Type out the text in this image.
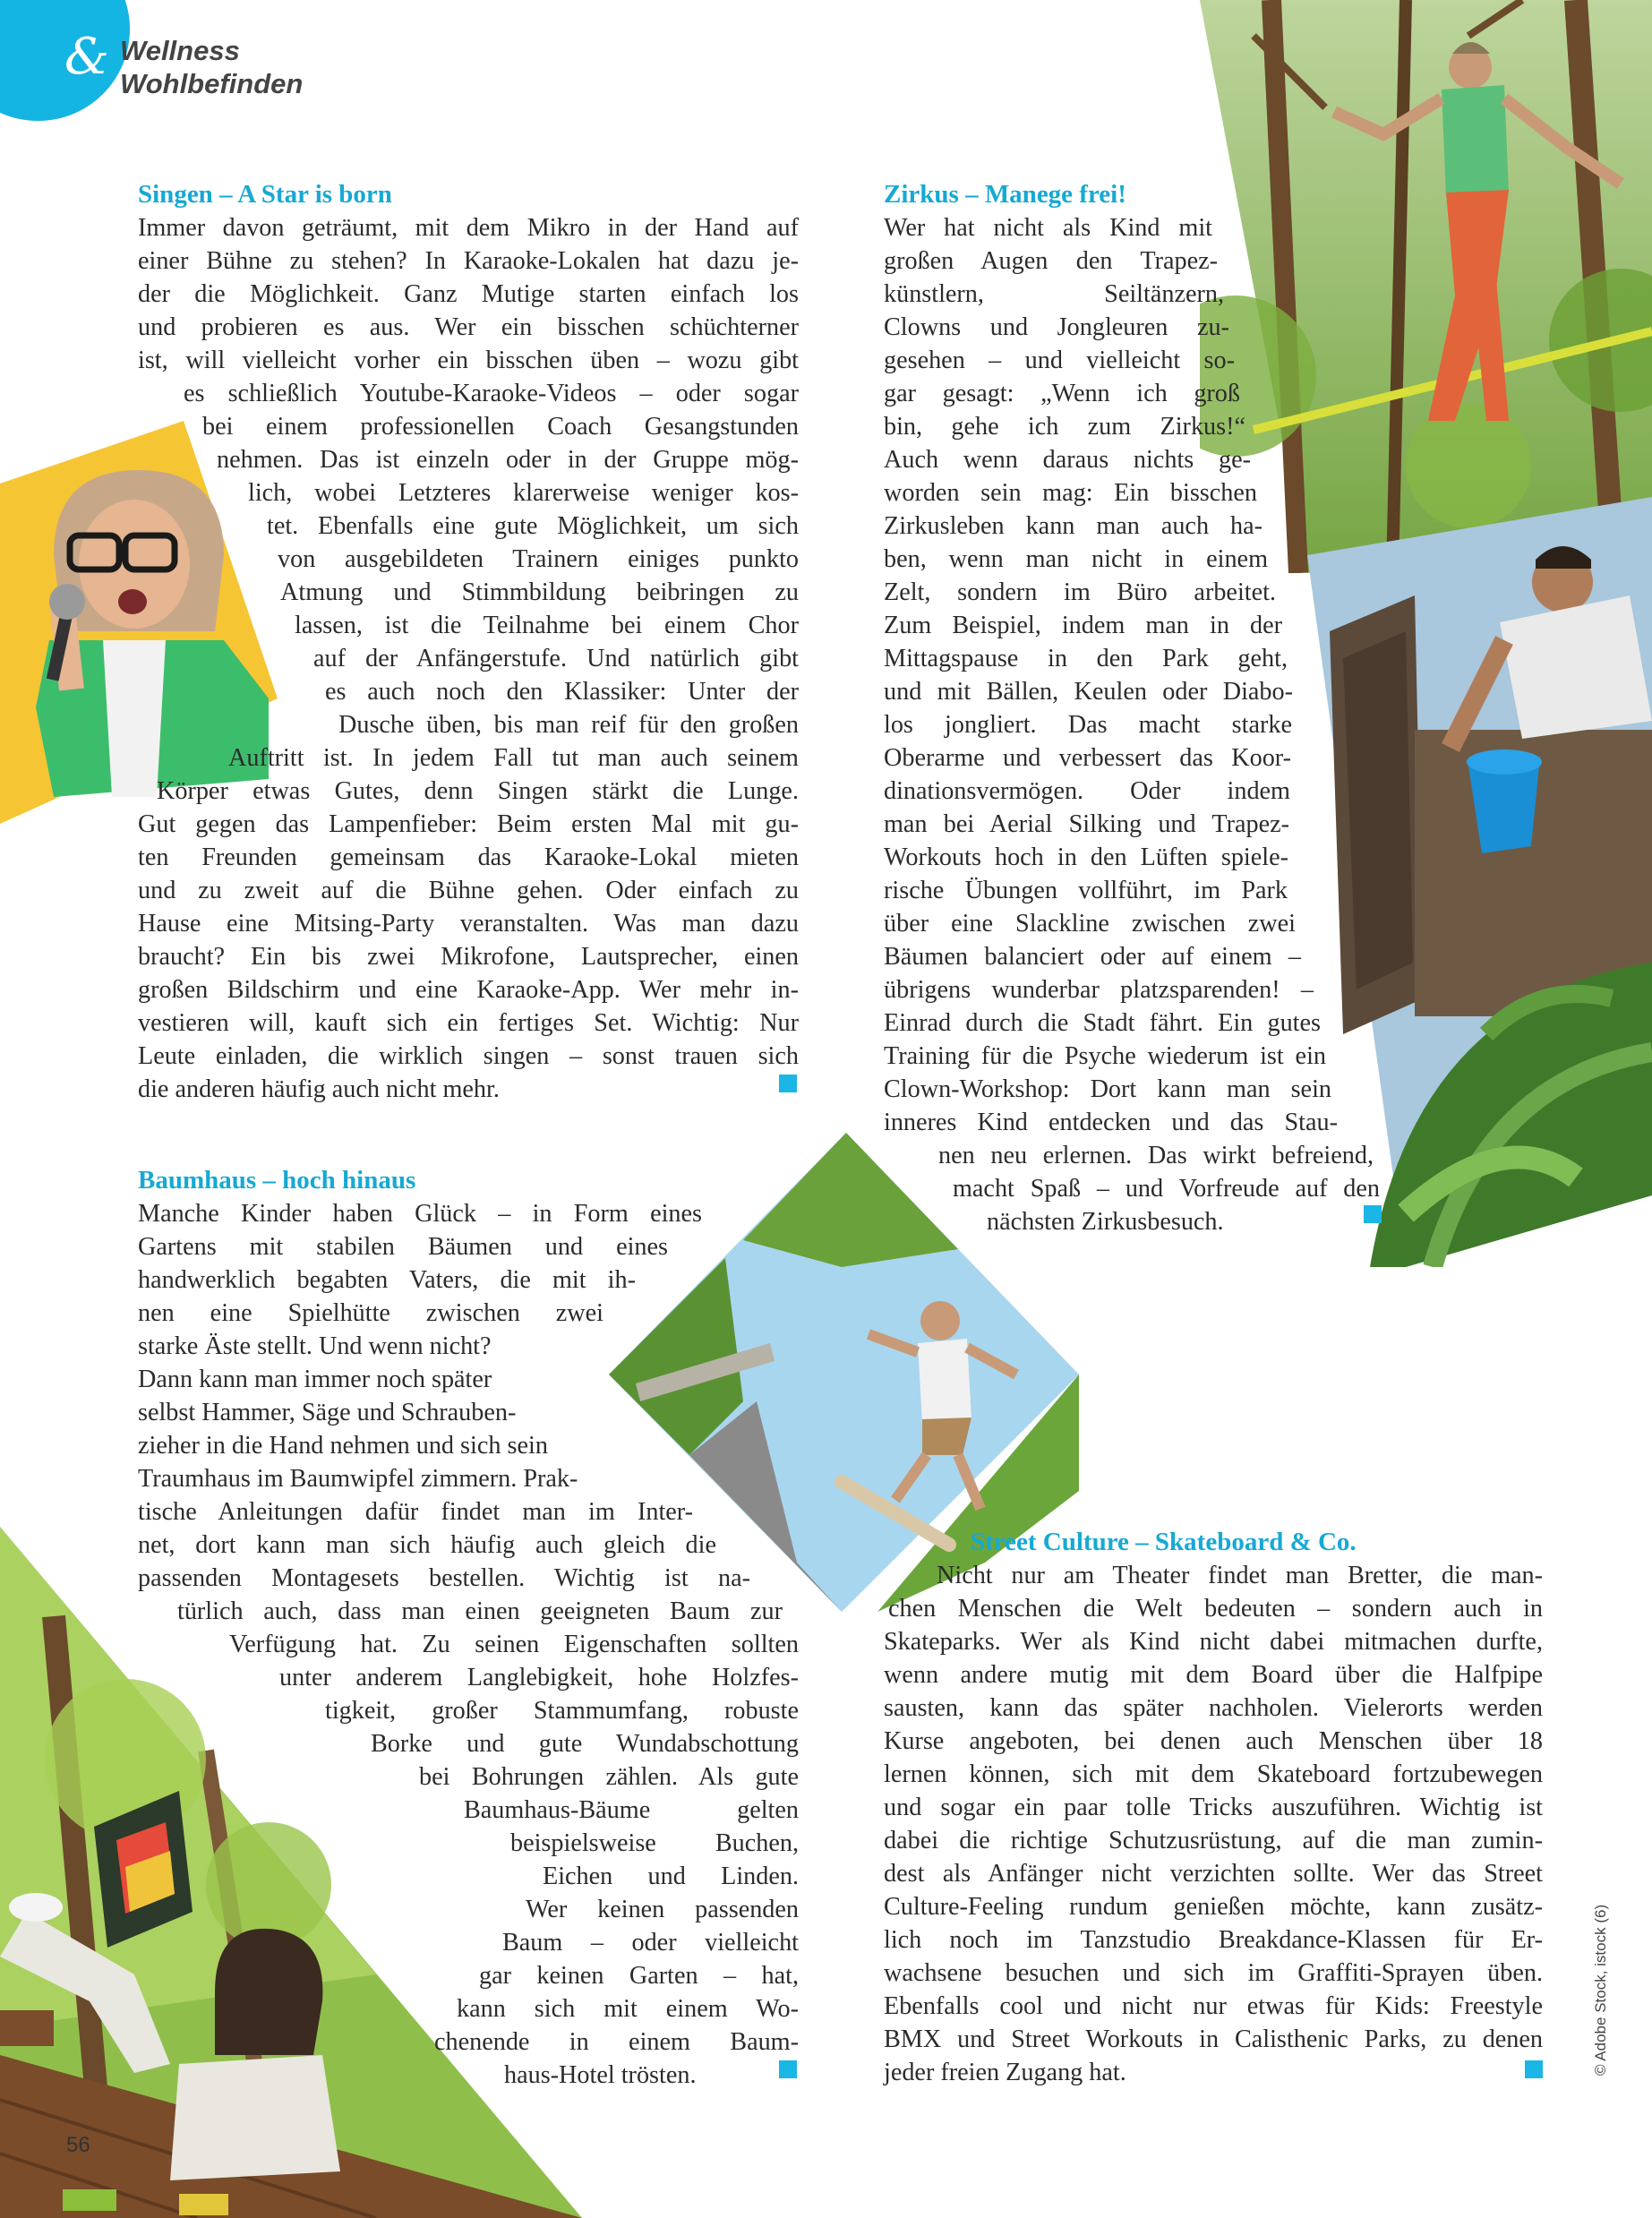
& Wellness
Wohlbefinden
Singen – A Star is born
Immer davon geträumt, mit dem Mikro in der Hand auf
einer Bühne zu stehen? In Karaoke-Lokalen hat dazu je-
der die Möglichkeit. Ganz Mutige starten einfach los
und probieren es aus. Wer ein bisschen schüchterner
ist, will vielleicht vorher ein bisschen üben – wozu gibt
es schließlich Youtube-Karaoke-Videos – oder sogar
bei einem professionellen Coach Gesangstunden
nehmen. Das ist einzeln oder in der Gruppe mög-
lich, wobei Letzteres klarerweise weniger kos-
tet. Ebenfalls eine gute Möglichkeit, um sich
von ausgebildeten Trainern einiges punkto
Atmung und Stimmbildung beibringen zu
lassen, ist die Teilnahme bei einem Chor
auf der Anfängerstufe. Und natürlich gibt
es auch noch den Klassiker: Unter der
Dusche üben, bis man reif für den großen
Auftritt ist. In jedem Fall tut man auch seinem
Körper etwas Gutes, denn Singen stärkt die Lunge.
Gut gegen das Lampenfieber: Beim ersten Mal mit gu-
ten Freunden gemeinsam das Karaoke-Lokal mieten
und zu zweit auf die Bühne gehen. Oder einfach zu
Hause eine Mitsing-Party veranstalten. Was man dazu
braucht? Ein bis zwei Mikrofone, Lautsprecher, einen
großen Bildschirm und eine Karaoke-App. Wer mehr in-
vestieren will, kauft sich ein fertiges Set. Wichtig: Nur
Leute einladen, die wirklich singen – sonst trauen sich
die anderen häufig auch nicht mehr.
Zirkus – Manege frei!
Wer hat nicht als Kind mit
großen Augen den Trapez-
künstlern, Seiltänzern,
Clowns und Jongleuren zu-
gesehen – und vielleicht so-
gar gesagt: „Wenn ich groß
bin, gehe ich zum Zirkus!“
Auch wenn daraus nichts ge-
worden sein mag: Ein bisschen
Zirkusleben kann man auch ha-
ben, wenn man nicht in einem
Zelt, sondern im Büro arbeitet.
Zum Beispiel, indem man in der
Mittagspause in den Park geht,
und mit Bällen, Keulen oder Diabo-
los jongliert. Das macht starke
Oberarme und verbessert das Koor-
dinationsvermögen. Oder indem
man bei Aerial Silking und Trapez-
Workouts hoch in den Lüften spiele-
rische Übungen vollführt, im Park
über eine Slackline zwischen zwei
Bäumen balanciert oder auf einem –
übrigens wunderbar platzsparenden! –
Einrad durch die Stadt fährt. Ein gutes
Training für die Psyche wiederum ist ein
Clown-Workshop: Dort kann man sein
inneres Kind entdecken und das Stau-
nen neu erlernen. Das wirkt befreiend,
macht Spaß – und Vorfreude auf den
nächsten Zirkusbesuch.
Baumhaus – hoch hinaus
Manche Kinder haben Glück – in Form eines
Gartens mit stabilen Bäumen und eines
handwerklich begabten Vaters, die mit ih-
nen eine Spielhütte zwischen zwei
starke Äste stellt. Und wenn nicht?
Dann kann man immer noch später
selbst Hammer, Säge und Schrauben-
zieher in die Hand nehmen und sich sein
Traumhaus im Baumwipfel zimmern. Prak-
tische Anleitungen dafür findet man im Inter-
net, dort kann man sich häufig auch gleich die
passenden Montagesets bestellen. Wichtig ist na-
türlich auch, dass man einen geeigneten Baum zur
Verfügung hat. Zu seinen Eigenschaften sollten
unter anderem Langlebigkeit, hohe Holzfes-
tigkeit, großer Stammumfang, robuste
Borke und gute Wundabschottung
bei Bohrungen zählen. Als gute
Baumhaus-Bäume gelten
beispielsweise Buchen,
Eichen und Linden.
Wer keinen passenden
Baum – oder vielleicht
gar keinen Garten – hat,
kann sich mit einem Wo-
chenende in einem Baum-
haus-Hotel trösten.
Street Culture – Skateboard & Co.
Nicht nur am Theater findet man Bretter, die man-
chen Menschen die Welt bedeuten – sondern auch in
Skateparks. Wer als Kind nicht dabei mitmachen durfte,
wenn andere mutig mit dem Board über die Halfpipe
sausten, kann das später nachholen. Vielerorts werden
Kurse angeboten, bei denen auch Menschen über 18
lernen können, sich mit dem Skateboard fortzubewegen
und sogar ein paar tolle Tricks auszuführen. Wichtig ist
dabei die richtige Schutzusrüstung, auf die man zumin-
dest als Anfänger nicht verzichten sollte. Wer das Street
Culture-Feeling rundum genießen möchte, kann zusätz-
lich noch im Tanzstudio Breakdance-Klassen für Er-
wachsene besuchen und sich im Graffiti-Sprayen üben.
Ebenfalls cool und nicht nur etwas für Kids: Freestyle
BMX und Street Workouts in Calisthenic Parks, zu denen
jeder freien Zugang hat.
56
© Adobe Stock, istock (6)
